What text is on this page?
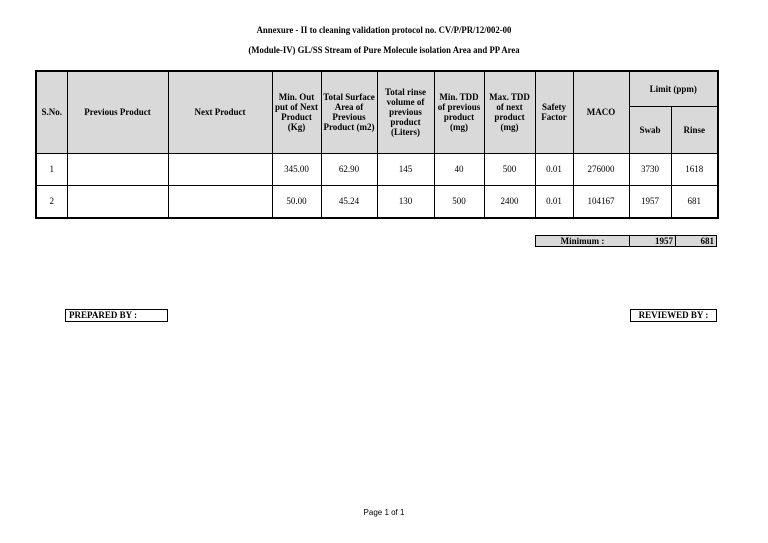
Annexure - II to cleaning validation protocol no. CV/P/PR/12/002-00
(Module-IV) GL/SS Stream of Pure Molecule isolation Area and PP Area
S.No.	Previous Product	Next Product	Min. Out put of Next Product (Kg)	Total Surface Area of Previous Product (m2)	Total rinse volume of previous product (Liters)	Min. TDD of previous product (mg)	Max. TDD of next product (mg)	Safety Factor	MACO	Limit (ppm)	
										Swab	Rinse
1			345.00	62.90	145	40	500	0.01	276000	3730	1618
2			50.00	45.24	130	500	2400	0.01	104167	1957	681
Minimum :	1957	681
PREPARED BY :	REVIEWED BY :
Page 1 of 1
